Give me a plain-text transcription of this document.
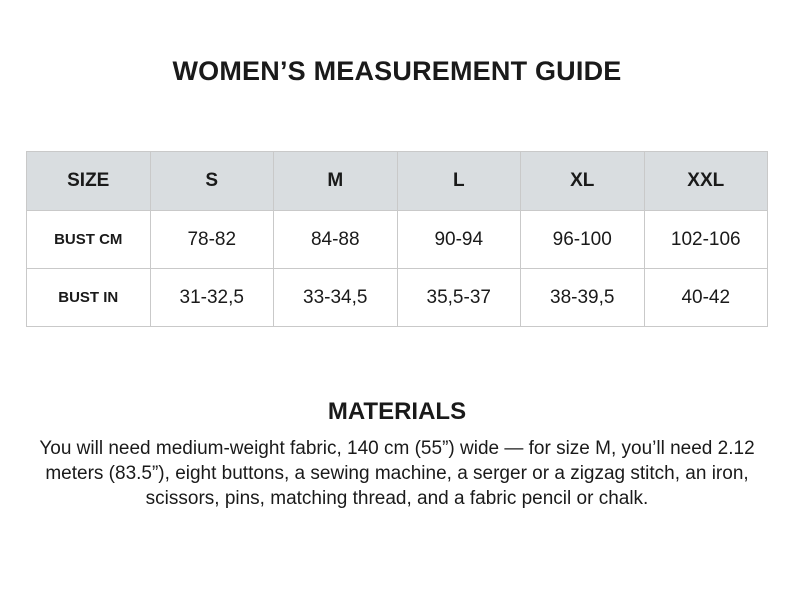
WOMEN’S MEASUREMENT GUIDE
SIZE	S	M	L	XL	XXL
BUST CM	78-82	84-88	90-94	96-100	102-106
BUST IN	31-32,5	33-34,5	35,5-37	38-39,5	40-42
MATERIALS

You will need medium-weight fabric, 140 cm (55”) wide — for size M, you’ll need 2.12 meters (83.5”), eight buttons, a sewing machine, a serger or a zigzag stitch, an iron, scissors, pins, matching thread, and a fabric pencil or chalk.
